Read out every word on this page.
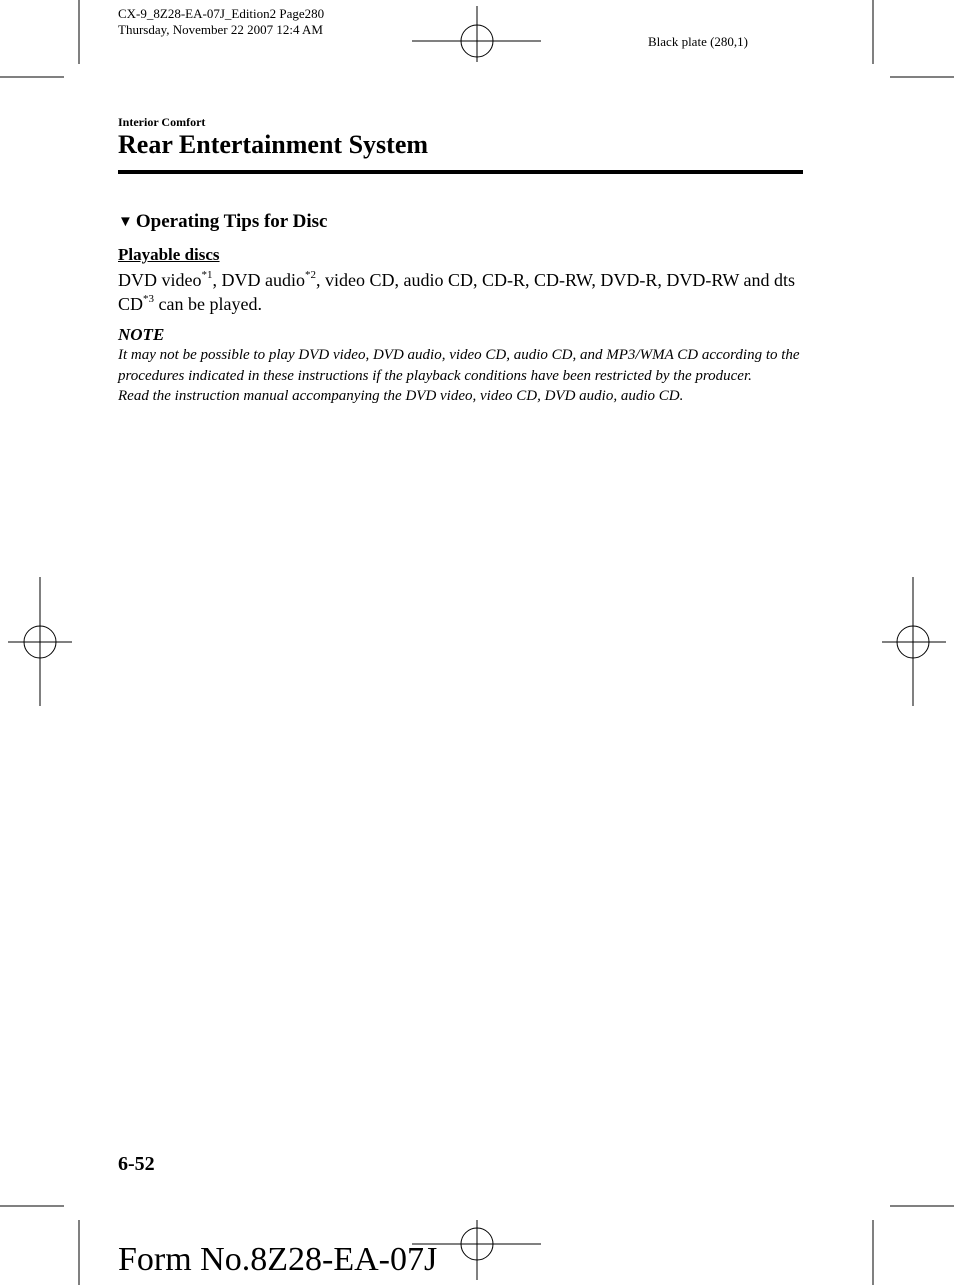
CX-9_8Z28-EA-07J_Edition2 Page280
Thursday, November 22 2007 12:4 AM
Black plate (280,1)
Interior Comfort
Rear Entertainment System
▼ Operating Tips for Disc
Playable discs
DVD video$^{*1}$, DVD audio$^{*2}$, video CD, audio CD, CD-R, CD-RW, DVD-R, DVD-RW and dts CD$^{*3}$ can be played.
NOTE

It may not be possible to play DVD video, DVD audio, video CD, audio CD, and MP3/WMA CD according to the procedures indicated in these instructions if the playback conditions have been restricted by the producer.

Read the instruction manual accompanying the DVD video, video CD, DVD audio, audio CD.

6-52
Form No.8Z28-EA-07J
